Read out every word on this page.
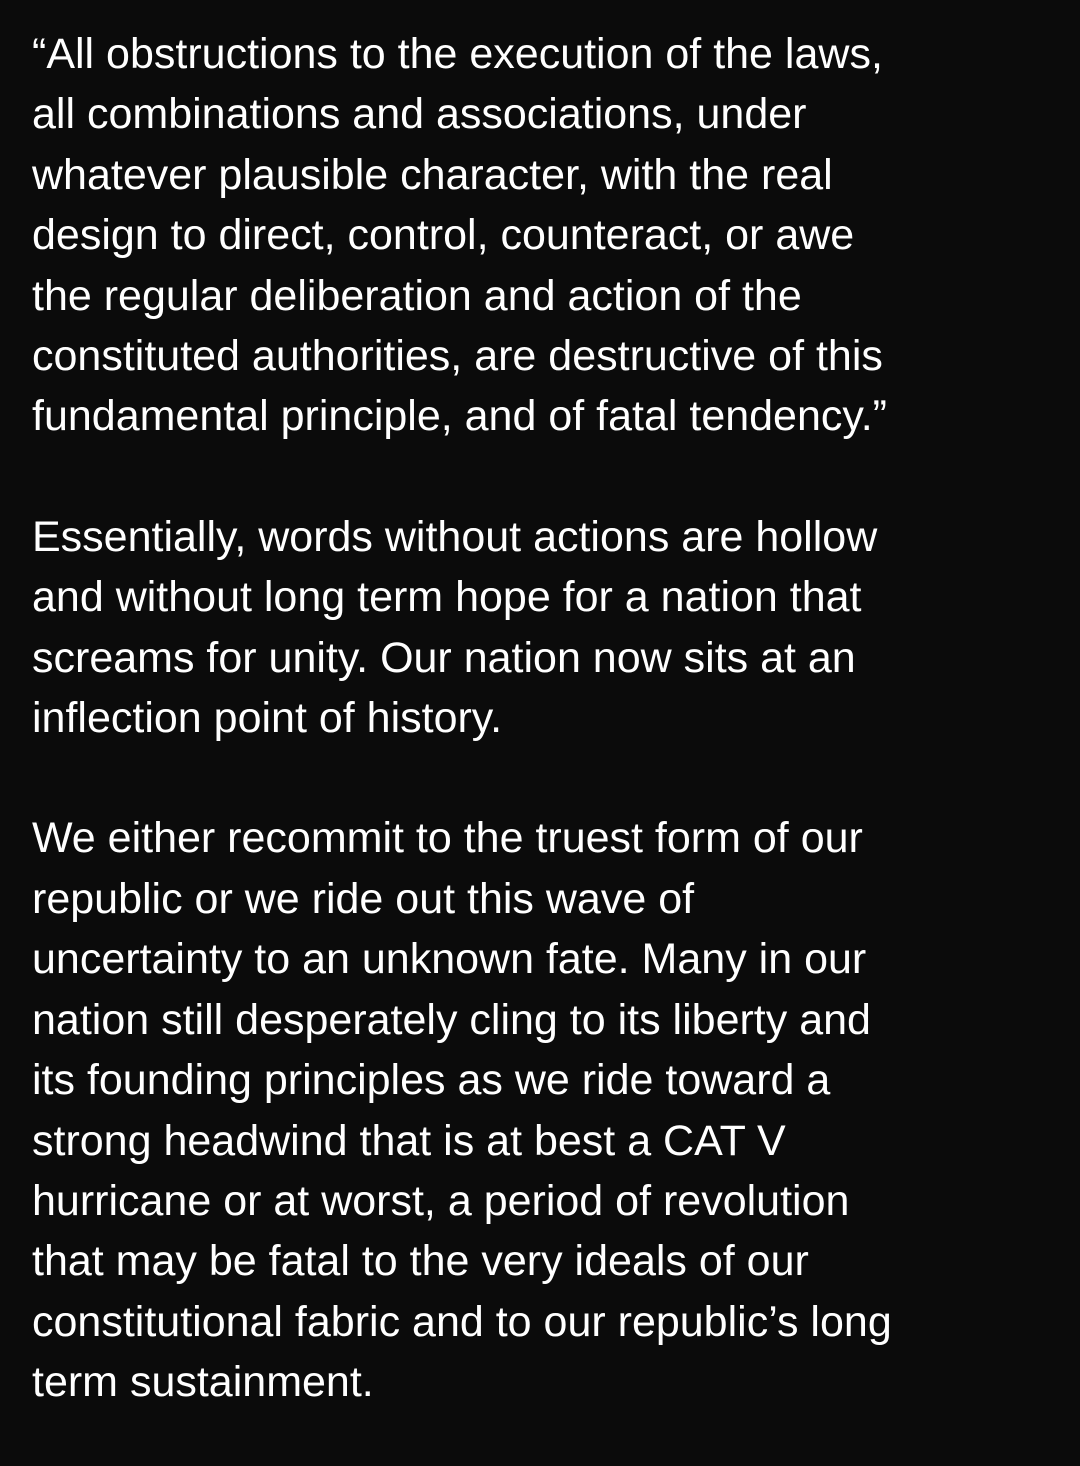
“All obstructions to the execution of the laws,
all combinations and associations, under
whatever plausible character, with the real
design to direct, control, counteract, or awe
the regular deliberation and action of the
constituted authorities, are destructive of this
fundamental principle, and of fatal tendency.”

Essentially, words without actions are hollow
and without long term hope for a nation that
screams for unity. Our nation now sits at an
inflection point of history.

We either recommit to the truest form of our
republic or we ride out this wave of
uncertainty to an unknown fate. Many in our
nation still desperately cling to its liberty and
its founding principles as we ride toward a
strong headwind that is at best a CAT V
hurricane or at worst, a period of revolution
that may be fatal to the very ideals of our
constitutional fabric and to our republic’s long
term sustainment.
